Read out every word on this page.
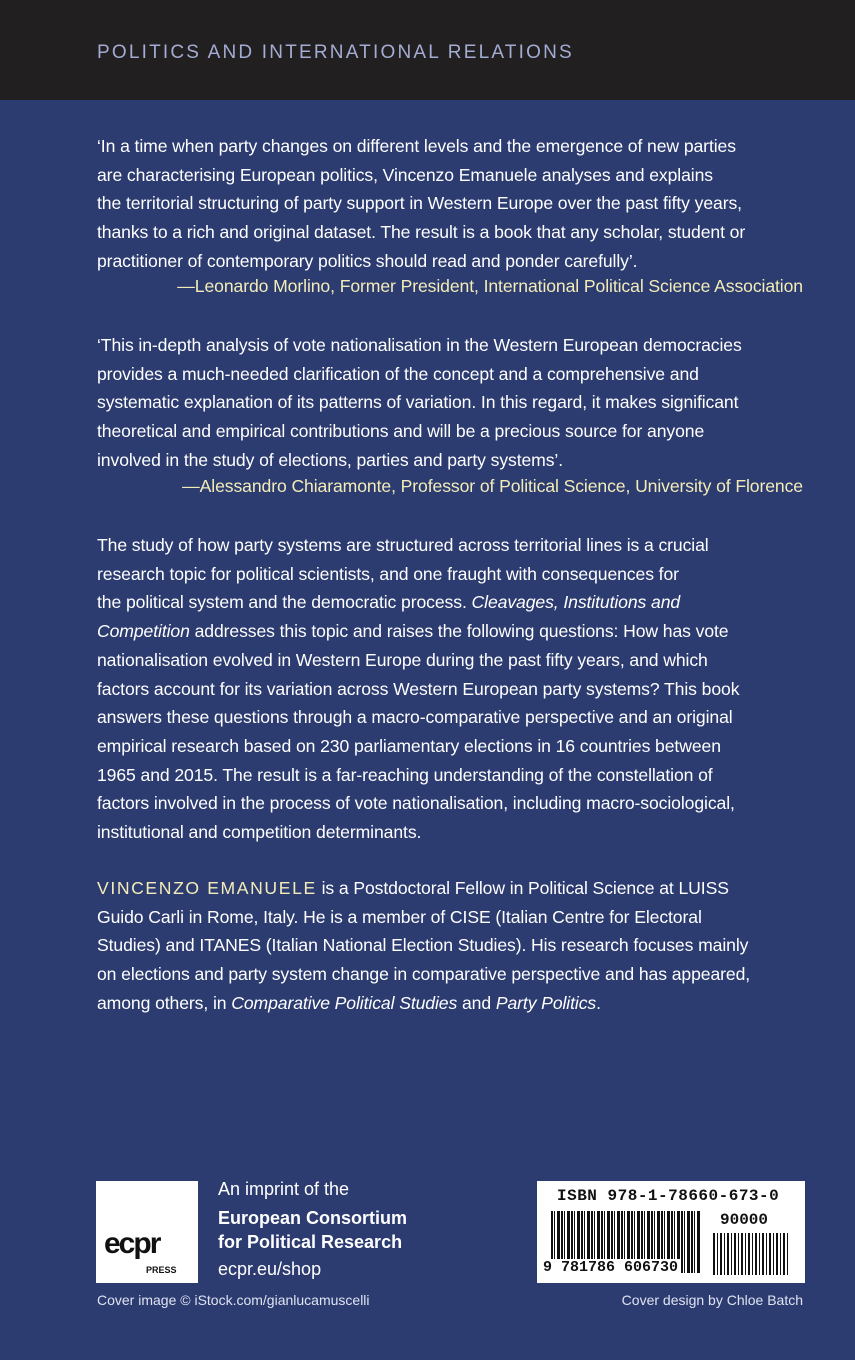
POLITICS AND INTERNATIONAL RELATIONS
‘In a time when party changes on different levels and the emergence of new parties
are characterising European politics, Vincenzo Emanuele analyses and explains
the territorial structuring of party support in Western Europe over the past fifty years,
thanks to a rich and original dataset. The result is a book that any scholar, student or
practitioner of contemporary politics should read and ponder carefully’.
—Leonardo Morlino, Former President, International Political Science Association
‘This in-depth analysis of vote nationalisation in the Western European democracies
provides a much-needed clarification of the concept and a comprehensive and
systematic explanation of its patterns of variation. In this regard, it makes significant
theoretical and empirical contributions and will be a precious source for anyone
involved in the study of elections, parties and party systems’.
—Alessandro Chiaramonte, Professor of Political Science, University of Florence
The study of how party systems are structured across territorial lines is a crucial
research topic for political scientists, and one fraught with consequences for
the political system and the democratic process. Cleavages, Institutions and
Competition addresses this topic and raises the following questions: How has vote
nationalisation evolved in Western Europe during the past fifty years, and which
factors account for its variation across Western European party systems? This book
answers these questions through a macro-comparative perspective and an original
empirical research based on 230 parliamentary elections in 16 countries between
1965 and 2015. The result is a far-reaching understanding of the constellation of
factors involved in the process of vote nationalisation, including macro-sociological,
institutional and competition determinants.
VINCENZO EMANUELE is a Postdoctoral Fellow in Political Science at LUISS
Guido Carli in Rome, Italy. He is a member of CISE (Italian Centre for Electoral
Studies) and ITANES (Italian National Election Studies). His research focuses mainly
on elections and party system change in comparative perspective and has appeared,
among others, in Comparative Political Studies and Party Politics.
ecpr
PRESS
An imprint of the
European Consortium
for Political Research
ecpr.eu/shop
ISBN 978-1-78660-673-0
90000
9 781786 606730
Cover image © iStock.com/gianlucamuscelli	Cover design by Chloe Batch
